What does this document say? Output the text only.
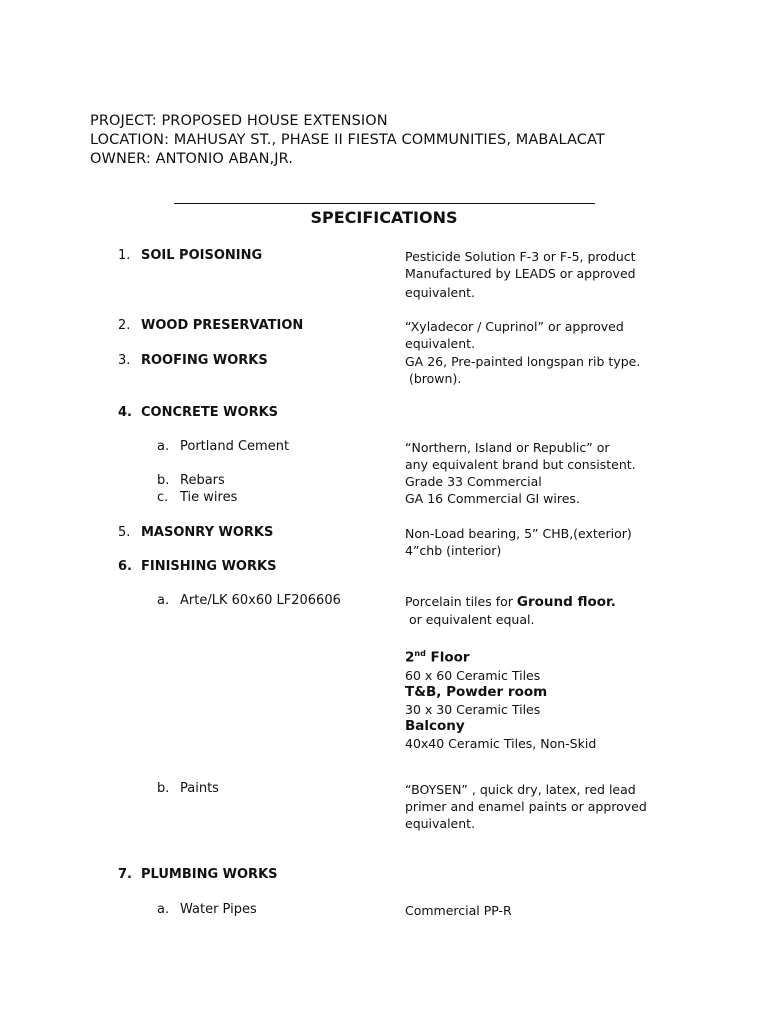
PROJECT: PROPOSED HOUSE EXTENSION
LOCATION: MAHUSAY ST., PHASE II FIESTA COMMUNITIES, MABALACAT
OWNER: ANTONIO ABAN,JR.
SPECIFICATIONS
1. SOIL POISONING	Pesticide Solution F-3 or F-5, product
Manufactured by LEADS or approved
equivalent.
2. WOOD PRESERVATION	“Xyladecor / Cuprinol” or approved
equivalent.
3. ROOFING WORKS	GA 26, Pre-painted longspan rib type.
(brown).
4. CONCRETE WORKS
a. Portland Cement	“Northern, Island or Republic” or
any equivalent brand but consistent.
b. Rebars	Grade 33 Commercial
c. Tie wires	GA 16 Commercial GI wires.
5. MASONRY WORKS	Non-Load bearing, 5” CHB,(exterior)
4”chb (interior)
6. FINISHING WORKS
a. Arte/LK 60x60 LF206606	Porcelain tiles for Ground floor.
or equivalent equal.
2nd Floor
60 x 60 Ceramic Tiles
T&B, Powder room
30 x 30 Ceramic Tiles
Balcony
40x40 Ceramic Tiles, Non-Skid
b. Paints	“BOYSEN” , quick dry, latex, red lead
primer and enamel paints or approved
equivalent.
7. PLUMBING WORKS
a. Water Pipes	Commercial PP-R
